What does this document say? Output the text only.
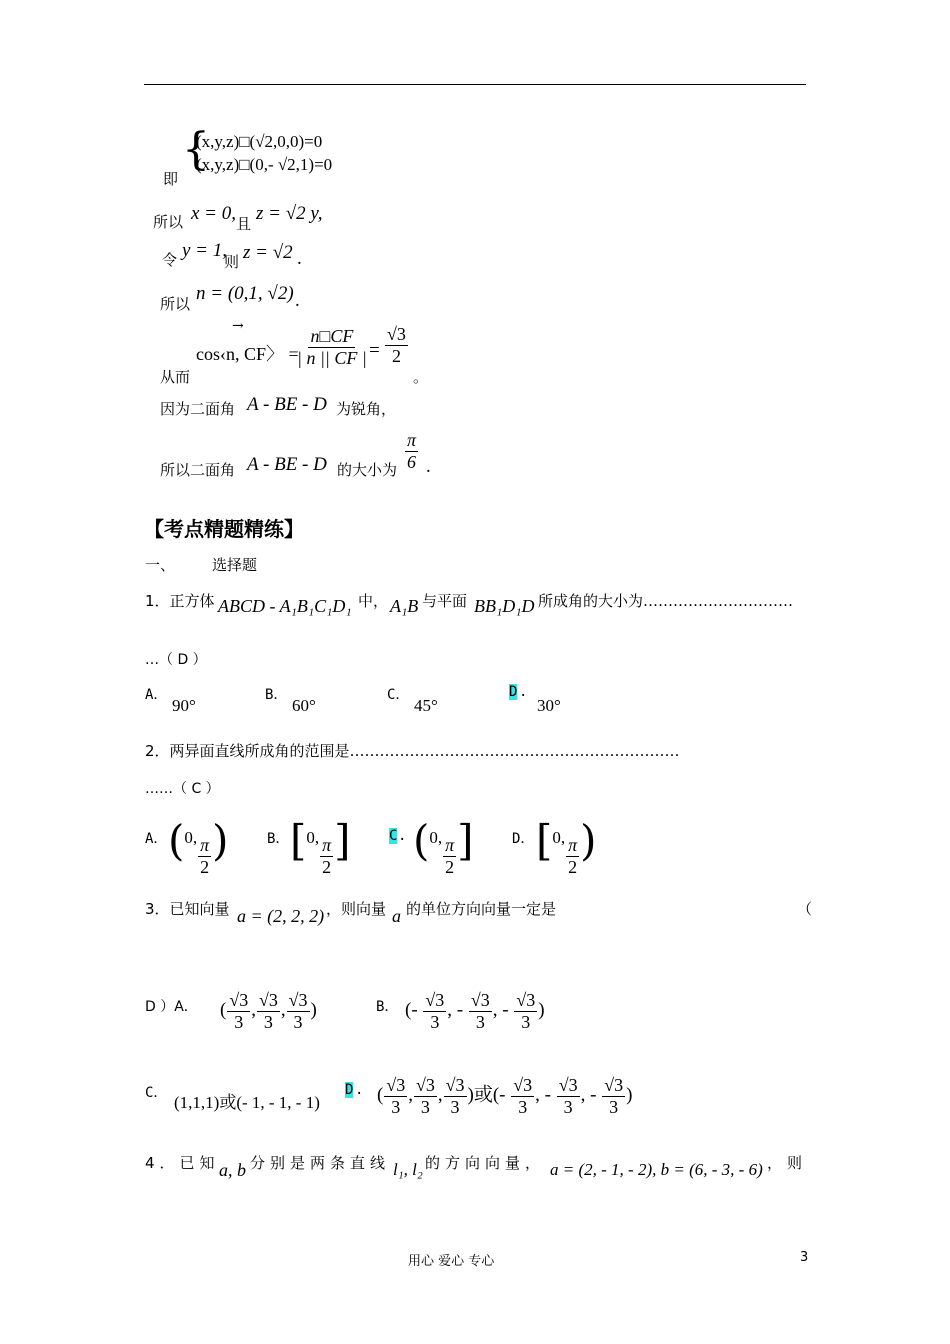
即
{
(x,y,z)□(√2,0,0)=0
(x,y,z)□(0,- √2,1)=0
所以 x = 0, 且 z = √2 y,
令 y = 1,
则 z = √2 .
所以 n = (0,1, √2) .
从而
cos‹n, CF〉 =
→	$\frac{n□CF}{| n || CF |} = \frac{√3}{2}$
。
因为二面角 A - BE - D 为锐角，
所以二面角 A - BE - D 的大小为 $\frac{\pi}{6}$ .
【考点精题精练】
一、 选择题
1．正方体 ABCD - A₁B₁C₁D₁ 中， A₁B 与平面 BB₁D₁D 所成角的大小为…………………………
…（ D ）
A．
90°
B．
60°
C．
45°
D .
30°
2．两异面直线所成角的范围是…………………………………………………………
……（ C ）
A． (0, $\frac{\pi}{2}$ )	B． [0, $\frac{\pi}{2}$ ]	C . (0, $\frac{\pi}{2}$ ]	D． [0, $\frac{\pi}{2}$ )
3．已知向量 a = (2, 2, 2) ，则向量 a 的单位方向向量一定是	（
D ）A． ( $\frac{√3}{3}$ , $\frac{√3}{3}$ , $\frac{√3}{3}$ )	B． (- $\frac{√3}{3}$ , - $\frac{√3}{3}$ , - $\frac{√3}{3}$ )
C． (1,1,1)或(- 1, - 1, - 1)
D . ( $\frac{√3}{3}$ , $\frac{√3}{3}$ , $\frac{√3}{3}$ )或(- $\frac{√3}{3}$ , - $\frac{√3}{3}$ , - $\frac{√3}{3}$ )
4．已知 a, b 分别是两条直线 l₁, l₂ 的方向向量， a = (2, - 1, - 2), b = (6, - 3, - 6) ，则
用心 爱心 专心	3
